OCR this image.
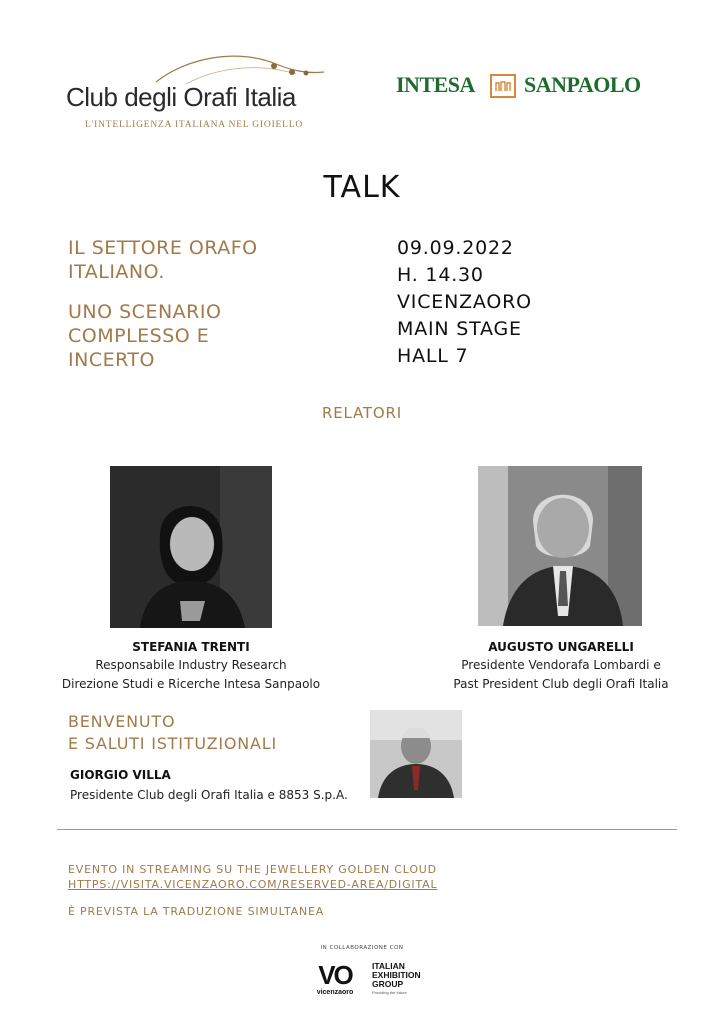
Club degli Orafi Italia
L'INTELLIGENZA ITALIANA NEL GIOIELLO
INTESA SANPAOLO
TALK

IL SETTORE ORAFO

ITALIANO.

UNO SCENARIO

COMPLESSO E

INCERTO

09.09.2022
H. 14.30
VICENZAORO
MAIN STAGE
HALL 7
RELATORI
STEFANIA TRENTI
Responsabile Industry Research
Direzione Studi e Ricerche Intesa Sanpaolo
AUGUSTO UNGARELLI
Presidente Vendorafa Lombardi e
Past President Club degli Orafi Italia
BENVENUTO
E SALUTI ISTITUZIONALI
GIORGIO VILLA
Presidente Club degli Orafi Italia e 8853 S.p.A.
EVENTO IN STREAMING SU THE JEWELLERY GOLDEN CLOUD
HTTPS://VISITA.VICENZAORO.COM/RESERVED-AREA/DIGITAL
È PREVISTA LA TRADUZIONE SIMULTANEA
IN COLLABORAZIONE CON
VO
vicenzaoro
ITALIAN
EXHIBITION
GROUP
Providing the future
